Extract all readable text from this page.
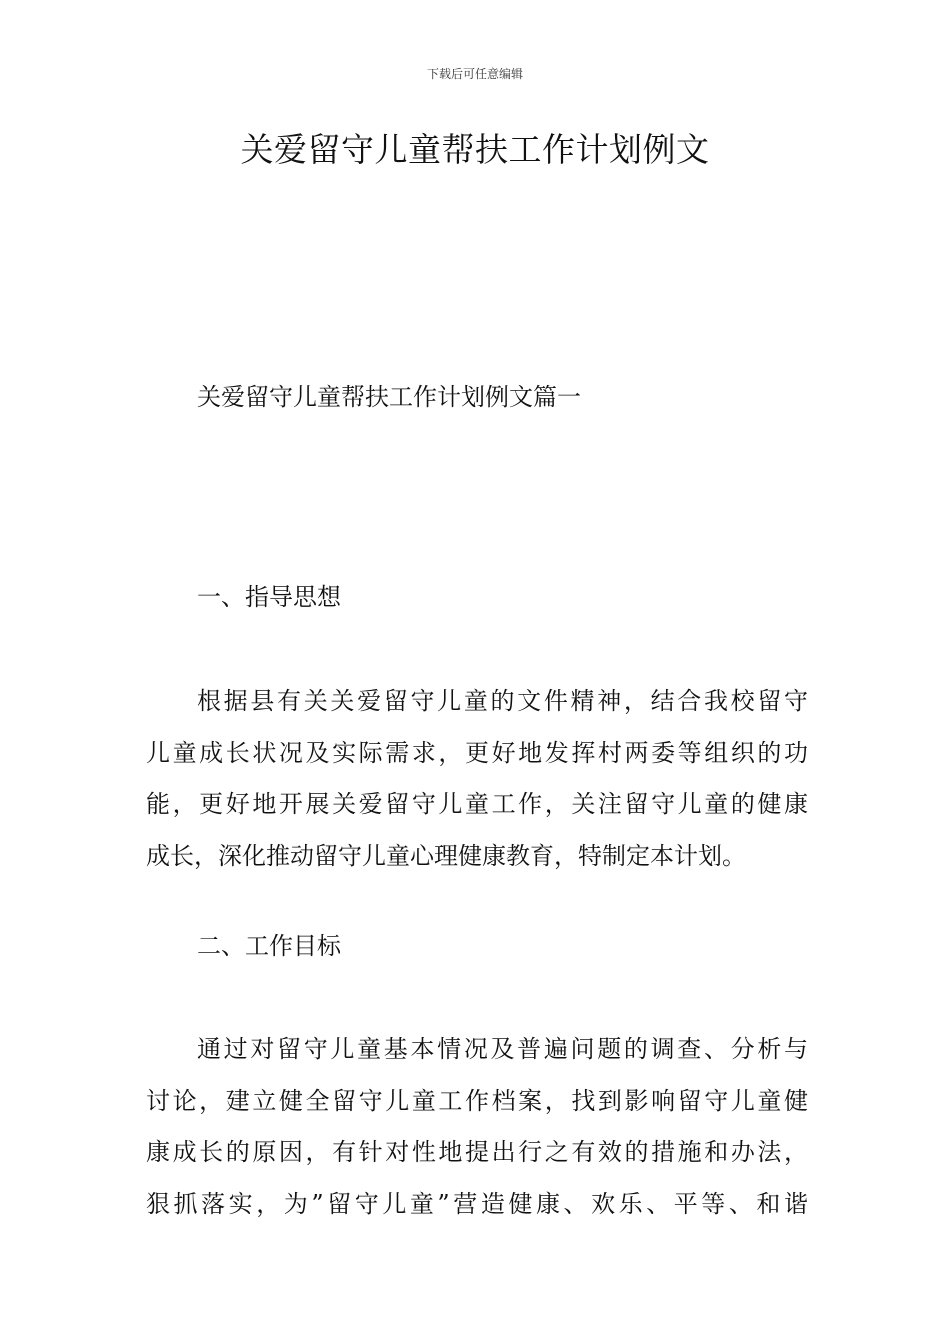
下载后可任意编辑
关爱留守儿童帮扶工作计划例文
关爱留守儿童帮扶工作计划例文篇一
一、指导思想

根据县有关关爱留守儿童的文件精神，结合我校留守
儿童成长状况及实际需求，更好地发挥村两委等组织的功
能，更好地开展关爱留守儿童工作，关注留守儿童的健康
成长，深化推动留守儿童心理健康教育，特制定本计划。

二、工作目标

通过对留守儿童基本情况及普遍问题的调查、分析与
讨论，建立健全留守儿童工作档案，找到影响留守儿童健
康成长的原因，有针对性地提出行之有效的措施和办法，
狠抓落实，为”留守儿童”营造健康、欢乐、平等、和谐
